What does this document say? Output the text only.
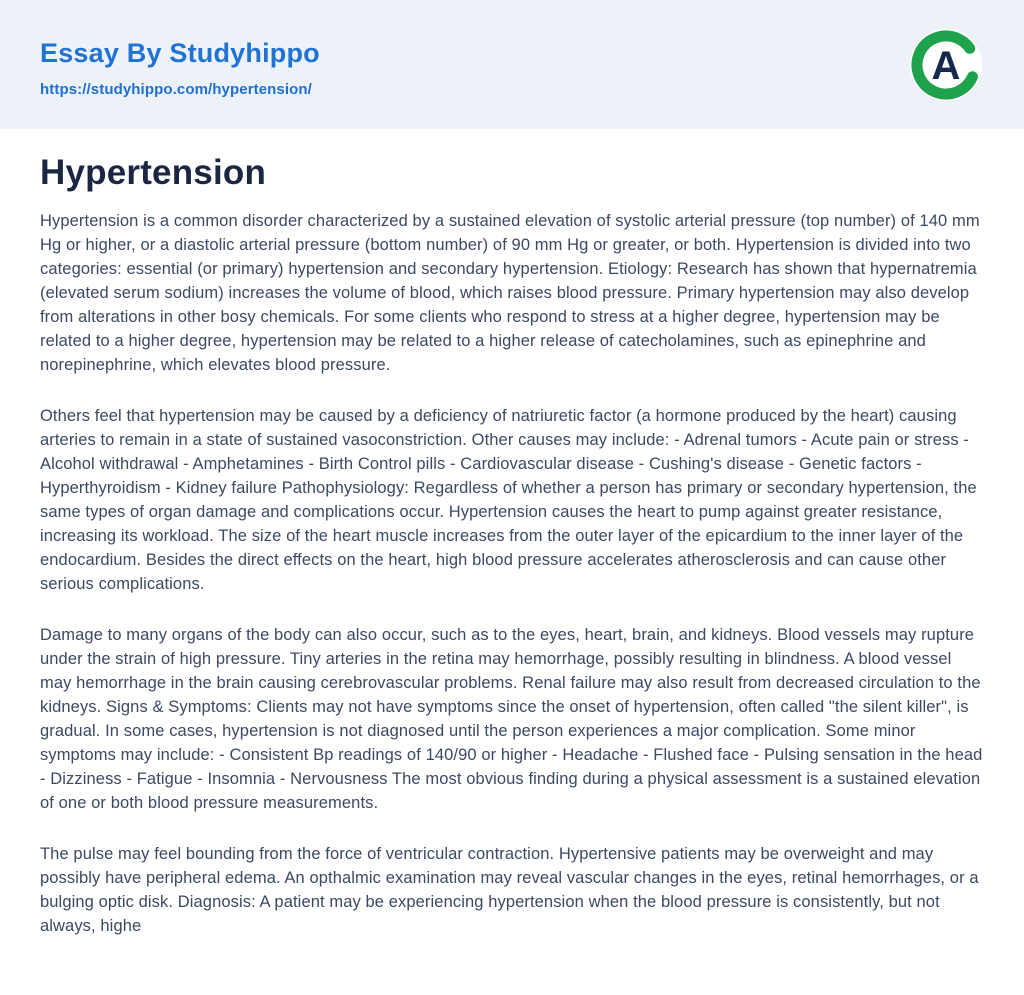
Essay By Studyhippo
https://studyhippo.com/hypertension/
A
Hypertension

Hypertension is a common disorder characterized by a sustained elevation of systolic arterial pressure (top number) of 140 mm Hg or higher, or a diastolic arterial pressure (bottom number) of 90 mm Hg or greater, or both. Hypertension is divided into two categories: essential (or primary) hypertension and secondary hypertension. Etiology: Research has shown that hypernatremia (elevated serum sodium) increases the volume of blood, which raises blood pressure. Primary hypertension may also develop from alterations in other bosy chemicals. For some clients who respond to stress at a higher degree, hypertension may be related to a higher degree, hypertension may be related to a higher release of catecholamines, such as epinephrine and norepinephrine, which elevates blood pressure.

Others feel that hypertension may be caused by a deficiency of natriuretic factor (a hormone produced by the heart) causing arteries to remain in a state of sustained vasoconstriction. Other causes may include: - Adrenal tumors - Acute pain or stress - Alcohol withdrawal - Amphetamines - Birth Control pills - Cardiovascular disease - Cushing's disease - Genetic factors - Hyperthyroidism - Kidney failure Pathophysiology: Regardless of whether a person has primary or secondary hypertension, the same types of organ damage and complications occur. Hypertension causes the heart to pump against greater resistance, increasing its workload. The size of the heart muscle increases from the outer layer of the epicardium to the inner layer of the endocardium. Besides the direct effects on the heart, high blood pressure accelerates atherosclerosis and can cause other serious complications.

Damage to many organs of the body can also occur, such as to the eyes, heart, brain, and kidneys. Blood vessels may rupture under the strain of high pressure. Tiny arteries in the retina may hemorrhage, possibly resulting in blindness. A blood vessel may hemorrhage in the brain causing cerebrovascular problems. Renal failure may also result from decreased circulation to the kidneys. Signs & Symptoms: Clients may not have symptoms since the onset of hypertension, often called "the silent killer", is gradual. In some cases, hypertension is not diagnosed until the person experiences a major complication. Some minor symptoms may include: - Consistent Bp readings of 140/90 or higher - Headache - Flushed face - Pulsing sensation in the head - Dizziness - Fatigue - Insomnia - Nervousness The most obvious finding during a physical assessment is a sustained elevation of one or both blood pressure measurements.

The pulse may feel bounding from the force of ventricular contraction. Hypertensive patients may be overweight and may possibly have peripheral edema. An opthalmic examination may reveal vascular changes in the eyes, retinal hemorrhages, or a bulging optic disk. Diagnosis: A patient may be experiencing hypertension when the blood pressure is consistently, but not always, highe
